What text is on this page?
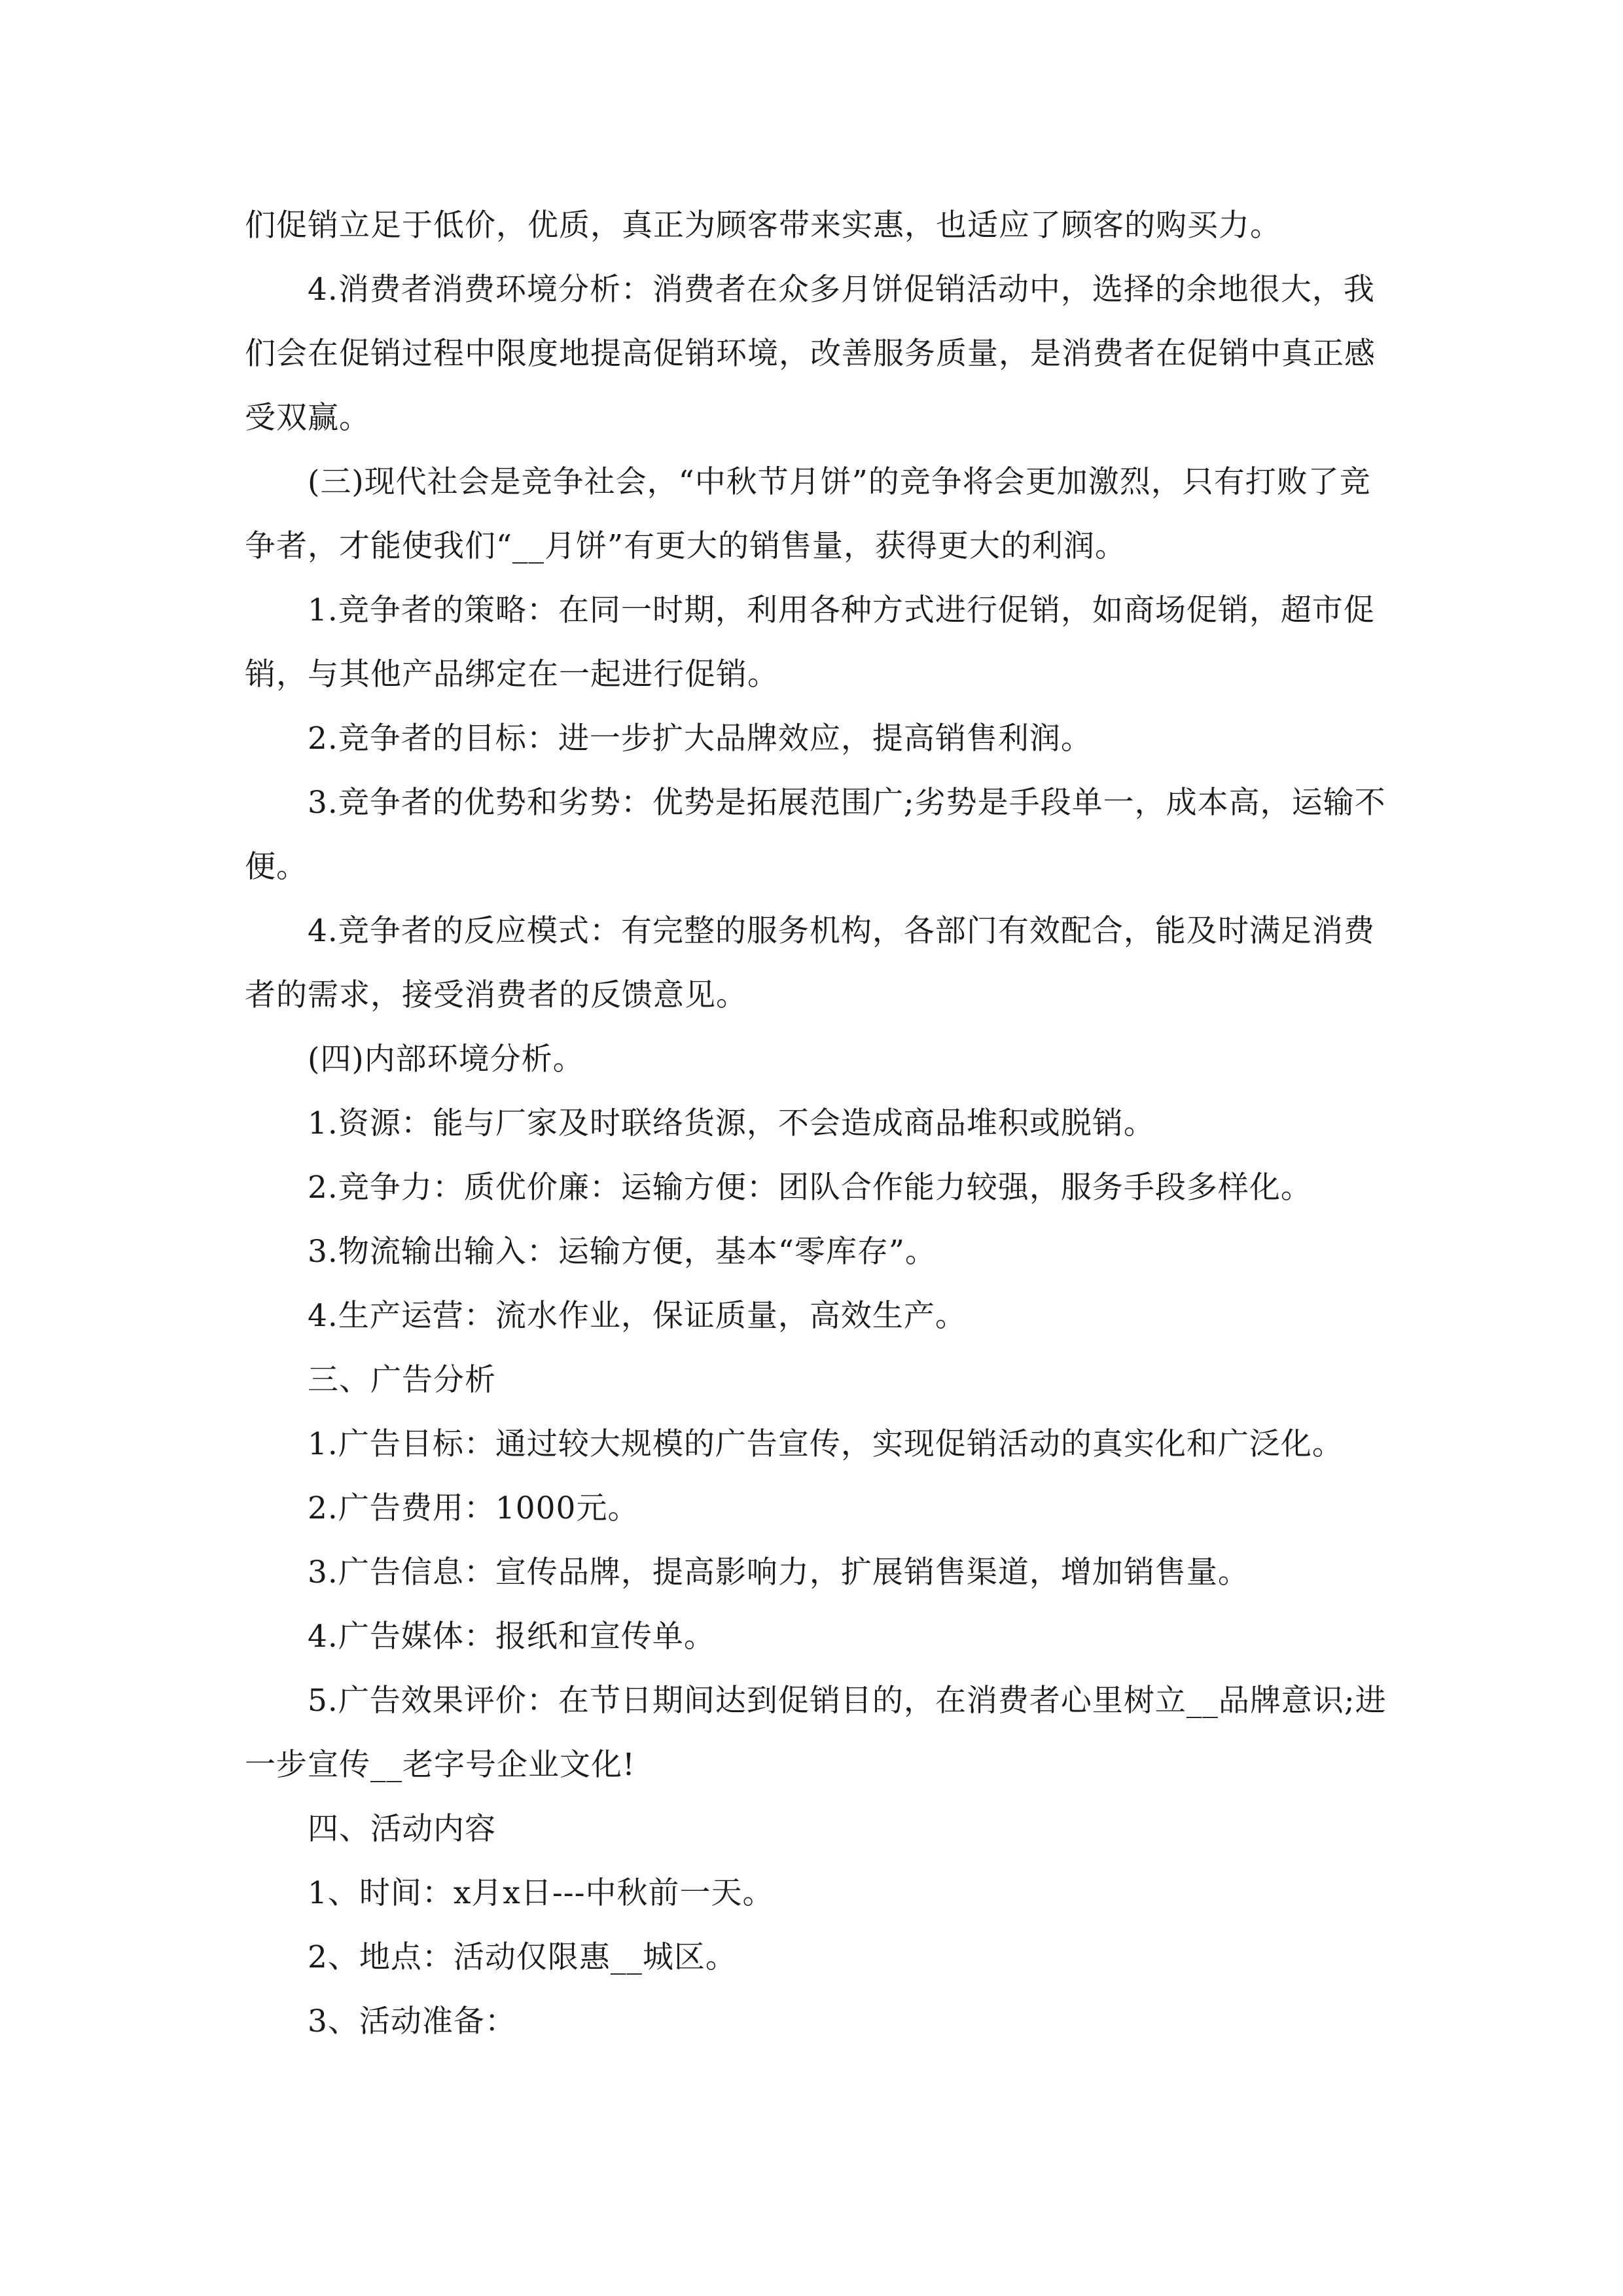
们促销立足于低价，优质，真正为顾客带来实惠，也适应了顾客的购买力。

4.消费者消费环境分析：消费者在众多月饼促销活动中，选择的余地很大，我们会在促销过程中限度地提高促销环境，改善服务质量，是消费者在促销中真正感受双赢。

(三)现代社会是竞争社会，“中秋节月饼”的竞争将会更加激烈，只有打败了竞争者，才能使我们“__月饼”有更大的销售量，获得更大的利润。

1.竞争者的策略：在同一时期，利用各种方式进行促销，如商场促销，超市促销，与其他产品绑定在一起进行促销。

2.竞争者的目标：进一步扩大品牌效应，提高销售利润。

3.竞争者的优势和劣势：优势是拓展范围广;劣势是手段单一，成本高，运输不便。

4.竞争者的反应模式：有完整的服务机构，各部门有效配合，能及时满足消费者的需求，接受消费者的反馈意见。

(四)内部环境分析。

1.资源：能与厂家及时联络货源，不会造成商品堆积或脱销。

2.竞争力：质优价廉：运输方便：团队合作能力较强，服务手段多样化。

3.物流输出输入：运输方便，基本“零库存”。

4.生产运营：流水作业，保证质量，高效生产。

三、广告分析

1.广告目标：通过较大规模的广告宣传，实现促销活动的真实化和广泛化。

2.广告费用：1000元。

3.广告信息：宣传品牌，提高影响力，扩展销售渠道，增加销售量。

4.广告媒体：报纸和宣传单。

5.广告效果评价：在节日期间达到促销目的，在消费者心里树立__品牌意识;进一步宣传__老字号企业文化!

四、活动内容

1、时间：x月x日---中秋前一天。

2、地点：活动仅限惠__城区。

3、活动准备：
